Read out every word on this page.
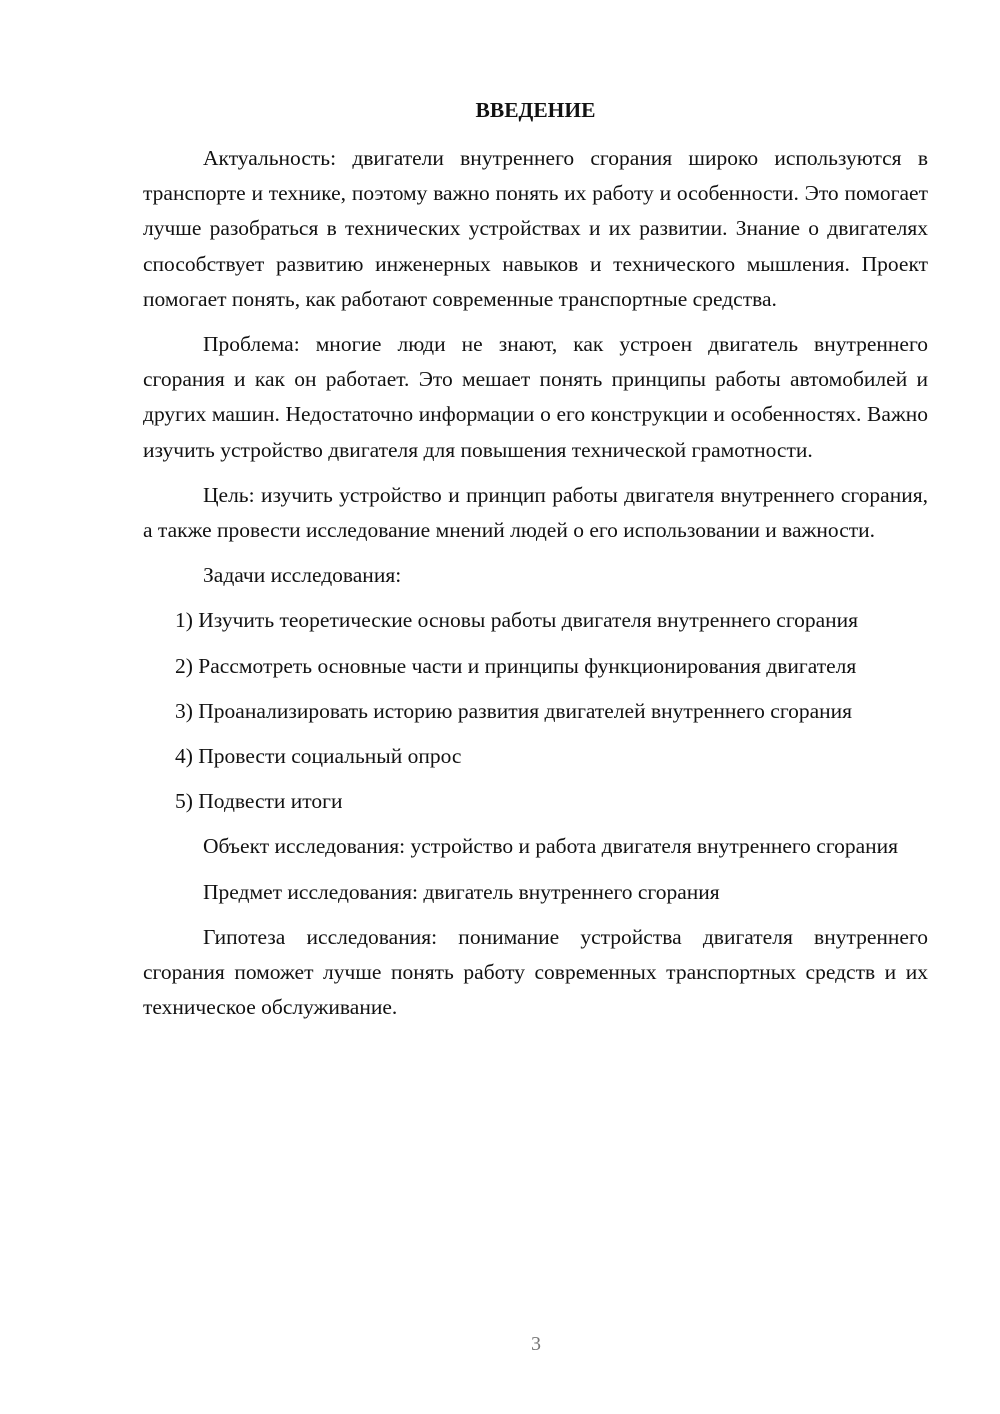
ВВЕДЕНИЕ

Актуальность: двигатели внутреннего сгорания широко используются в транспорте и технике, поэтому важно понять их работу и особенности. Это помогает лучше разобраться в технических устройствах и их развитии. Знание о двигателях способствует развитию инженерных навыков и технического мышления. Проект помогает понять, как работают современные транспортные средства.

Проблема: многие люди не знают, как устроен двигатель внутреннего сгорания и как он работает. Это мешает понять принципы работы автомобилей и других машин. Недостаточно информации о его конструкции и особенностях. Важно изучить устройство двигателя для повышения технической грамотности.

Цель: изучить устройство и принцип работы двигателя внутреннего сгорания, а также провести исследование мнений людей о его использовании и важности.

Задачи исследования:

1) Изучить теоретические основы работы двигателя внутреннего сгорания
2) Рассмотреть основные части и принципы функционирования двигателя
3) Проанализировать историю развития двигателей внутреннего сгорания
4) Провести социальный опрос
5) Подвести итоги

Объект исследования: устройство и работа двигателя внутреннего сгорания

Предмет исследования: двигатель внутреннего сгорания

Гипотеза исследования: понимание устройства двигателя внутреннего сгорания поможет лучше понять работу современных транспортных средств и их техническое обслуживание.

3
